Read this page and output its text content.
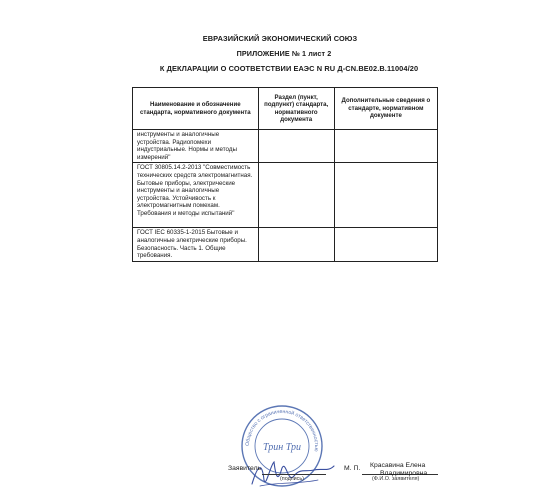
ЕВРАЗИЙСКИЙ ЭКОНОМИЧЕСКИЙ СОЮЗ
ПРИЛОЖЕНИЕ № 1 лист 2
К ДЕКЛАРАЦИИ О СООТВЕТСТВИИ ЕАЭС N RU Д-CN.ВЕ02.В.11004/20
Наименование и обозначение стандарта, нормативного документа	Раздел (пункт, подпункт) стандарта, нормативного документа	Дополнительные сведения о стандарте, нормативном документе
инструменты и аналогичные устройства. Радиопомехи индустриальные. Нормы и методы измерений"		
ГОСТ 30805.14.2-2013 "Совместимость технических средств электромагнитная. Бытовые приборы, электрические инструменты и аналогичные устройства. Устойчивость к электромагнитным помехам. Требования и методы испытаний"		
ГОСТ IEC 60335-1-2015 Бытовые и аналогичные электрические приборы. Безопасность. Часть 1. Общие требования.		
Общество с ограниченной ответственностью
Трин Три
Заявитель	М. П.
(подпись)	(Ф.И.О. заявителя)
Красавина Елена
Владимировна
